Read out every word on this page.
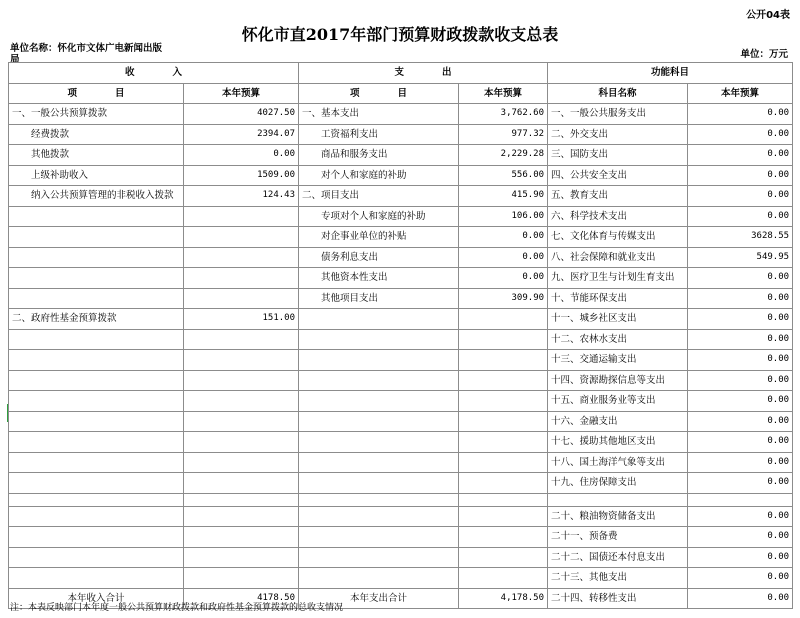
公开04表
怀化市直2017年部门预算财政拨款收支总表
单位名称：怀化市文体广电新闻出版
局	单位：万元
收　　　　入		支　　　　出		功能科目	
项　　　　目	本年预算	项　　　　目	本年预算	科目名称	本年预算
一、一般公共预算拨款	4027.50	一、基本支出	3,762.60	一、一般公共服务支出	0.00
经费拨款	2394.07	工资福利支出	977.32	二、外交支出	0.00
其他拨款	0.00	商品和服务支出	2,229.28	三、国防支出	0.00
上级补助收入	1509.00	对个人和家庭的补助	556.00	四、公共安全支出	0.00
纳入公共预算管理的非税收入拨款	124.43	二、项目支出	415.90	五、教育支出	0.00
		专项对个人和家庭的补助	106.00	六、科学技术支出	0.00
		对企事业单位的补贴	0.00	七、文化体育与传媒支出	3628.55
		债务利息支出	0.00	八、社会保障和就业支出	549.95
		其他资本性支出	0.00	九、医疗卫生与计划生育支出	0.00
		其他项目支出	309.90	十、节能环保支出	0.00
二、政府性基金预算拨款	151.00			十一、城乡社区支出	0.00
				十二、农林水支出	0.00
				十三、交通运输支出	0.00
				十四、资源勘探信息等支出	0.00
				十五、商业服务业等支出	0.00
				十六、金融支出	0.00
				十七、援助其他地区支出	0.00
				十八、国土海洋气象等支出	0.00
				十九、住房保障支出	0.00

				二十、粮油物资储备支出	0.00
				二十一、预备费	0.00
				二十二、国债还本付息支出	0.00
				二十三、其他支出	0.00
本年收入合计	4178.50	本年支出合计	4,178.50	二十四、转移性支出	0.00
注：本表反映部门本年度一般公共预算财政拨款和政府性基金预算拨款的总收支情况
